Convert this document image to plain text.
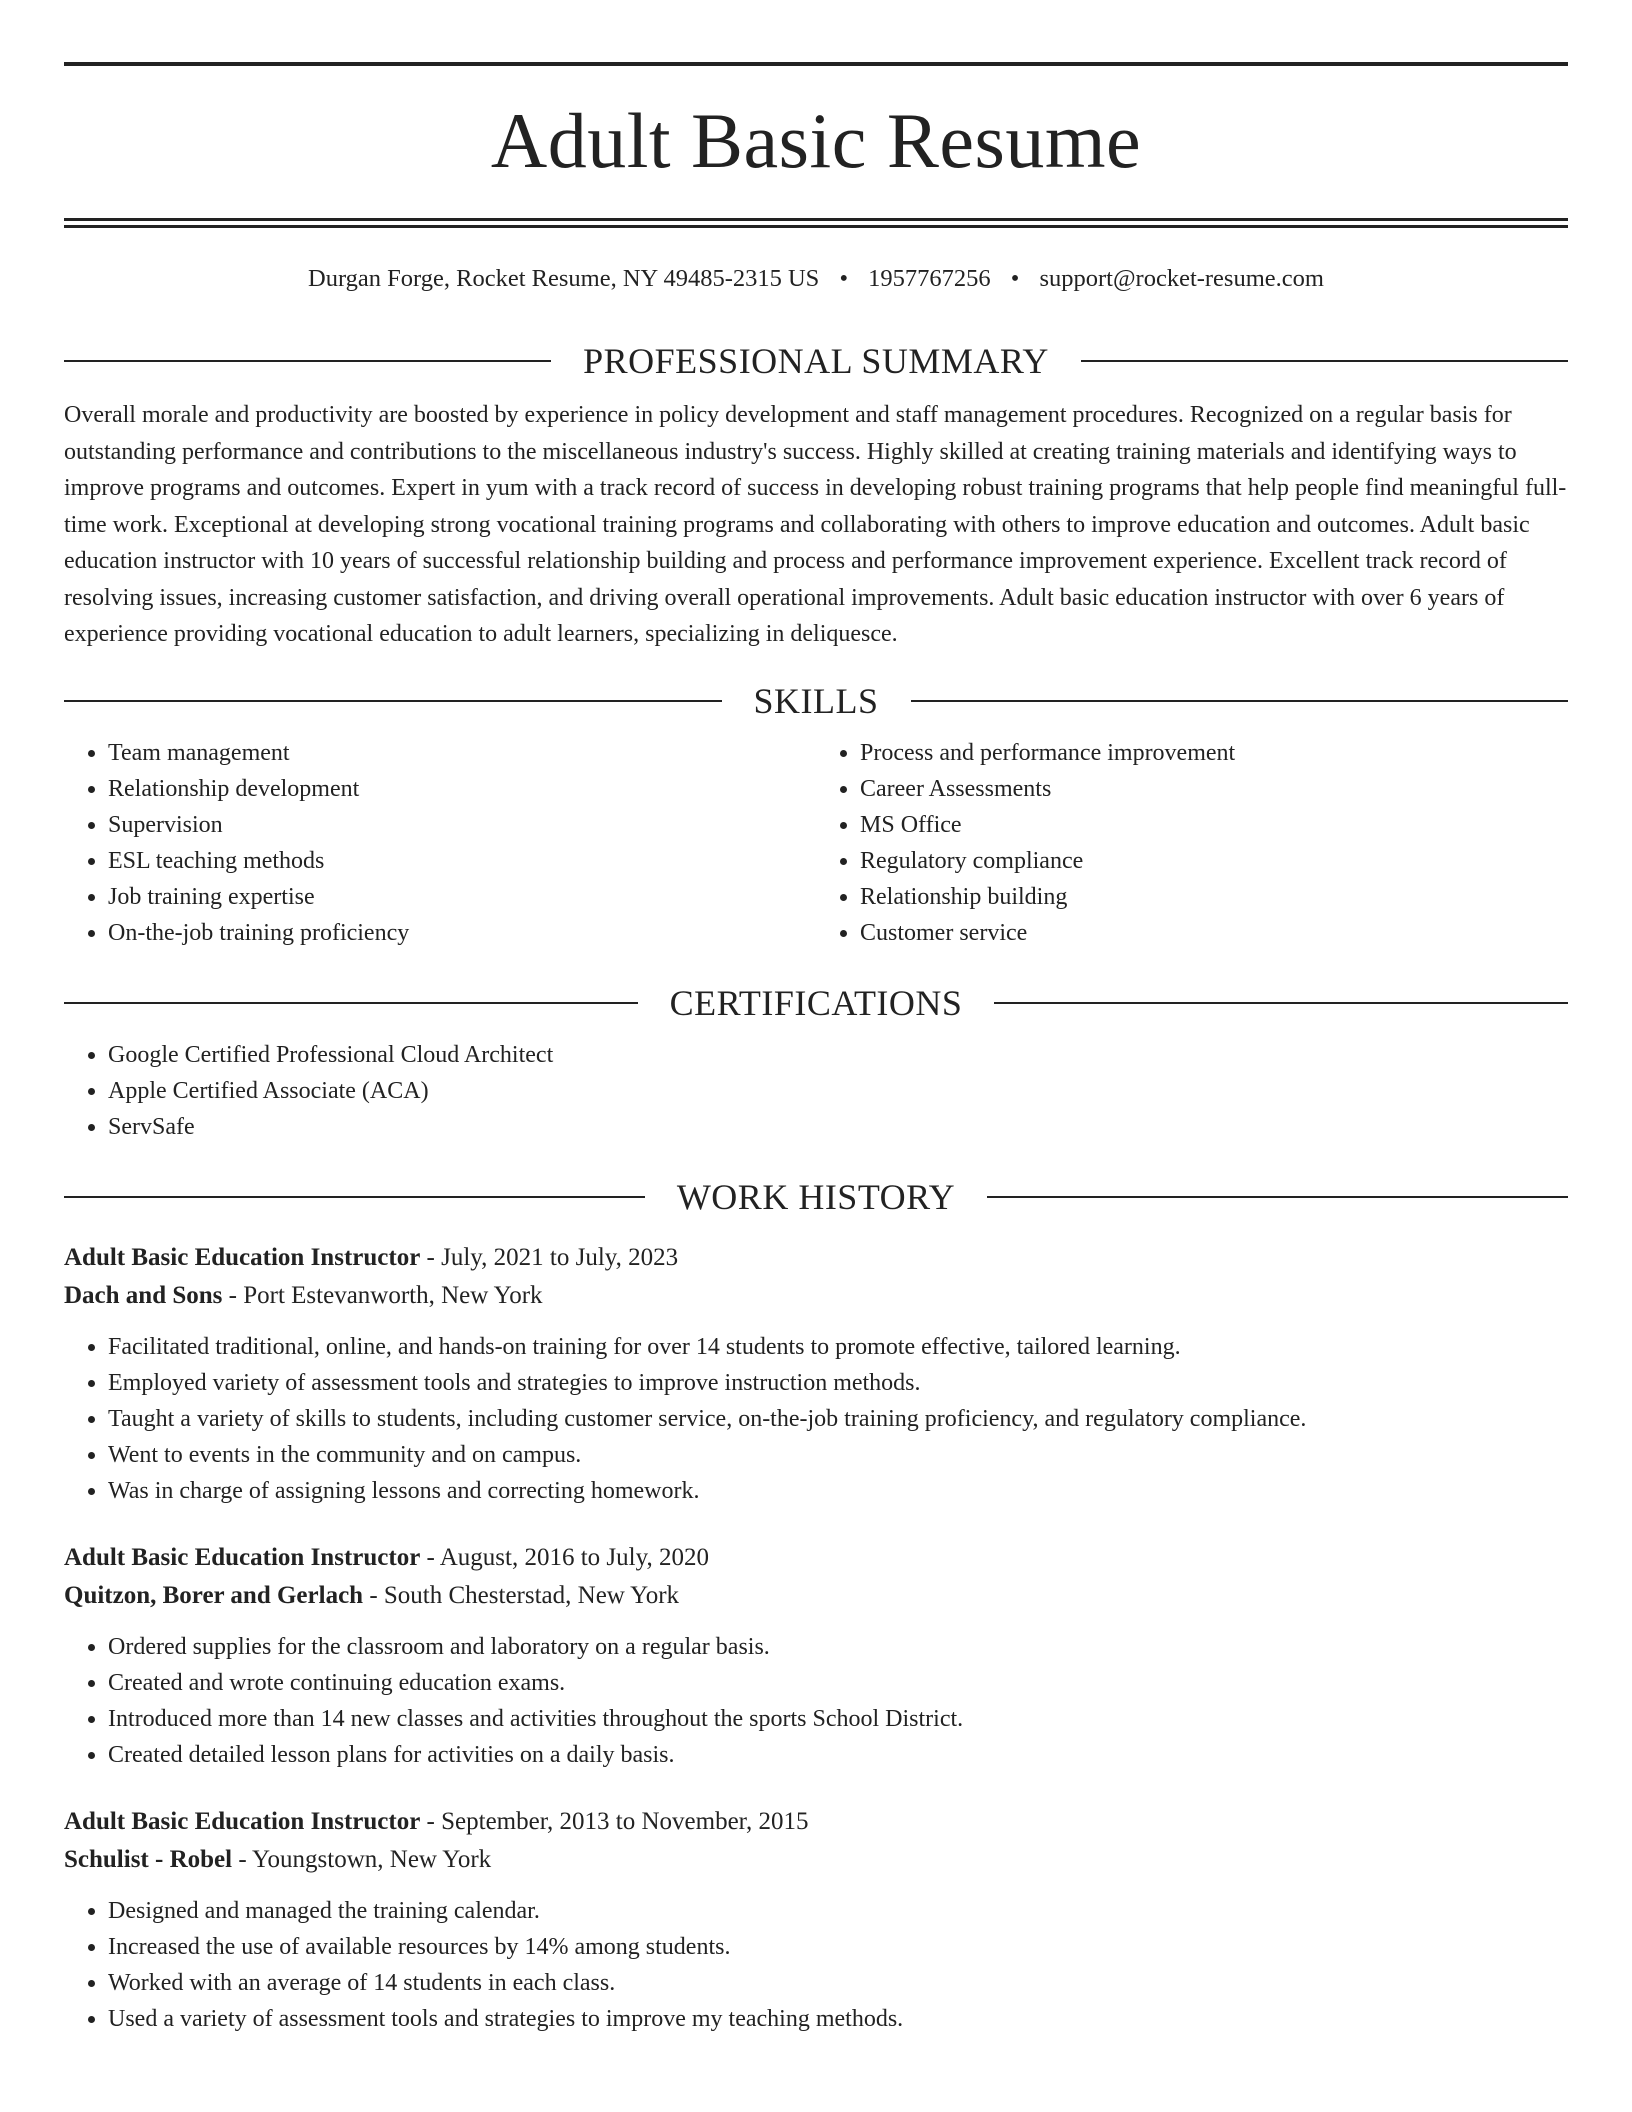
Adult Basic Resume
Durgan Forge, Rocket Resume, NY 49485-2315 US • 1957767256 • support@rocket-resume.com
PROFESSIONAL SUMMARY

Overall morale and productivity are boosted by experience in policy development and staff management procedures. Recognized on a regular basis for outstanding performance and contributions to the miscellaneous industry's success. Highly skilled at creating training materials and identifying ways to improve programs and outcomes. Expert in yum with a track record of success in developing robust training programs that help people find meaningful full-time work. Exceptional at developing strong vocational training programs and collaborating with others to improve education and outcomes. Adult basic education instructor with 10 years of successful relationship building and process and performance improvement experience. Excellent track record of resolving issues, increasing customer satisfaction, and driving overall operational improvements. Adult basic education instructor with over 6 years of experience providing vocational education to adult learners, specializing in deliquesce.

SKILLS
• Team management
• Relationship development
• Supervision
• ESL teaching methods
• Job training expertise
• On-the-job training proficiency
• Process and performance improvement
• Career Assessments
• MS Office
• Regulatory compliance
• Relationship building
• Customer service
CERTIFICATIONS
• Google Certified Professional Cloud Architect
• Apple Certified Associate (ACA)
• ServSafe
WORK HISTORY
Adult Basic Education Instructor - July, 2021 to July, 2023
Dach and Sons - Port Estevanworth, New York
• Facilitated traditional, online, and hands-on training for over 14 students to promote effective, tailored learning.
• Employed variety of assessment tools and strategies to improve instruction methods.
• Taught a variety of skills to students, including customer service, on-the-job training proficiency, and regulatory compliance.
• Went to events in the community and on campus.
• Was in charge of assigning lessons and correcting homework.
Adult Basic Education Instructor - August, 2016 to July, 2020
Quitzon, Borer and Gerlach - South Chesterstad, New York
• Ordered supplies for the classroom and laboratory on a regular basis.
• Created and wrote continuing education exams.
• Introduced more than 14 new classes and activities throughout the sports School District.
• Created detailed lesson plans for activities on a daily basis.
Adult Basic Education Instructor - September, 2013 to November, 2015
Schulist - Robel - Youngstown, New York
• Designed and managed the training calendar.
• Increased the use of available resources by 14% among students.
• Worked with an average of 14 students in each class.
• Used a variety of assessment tools and strategies to improve my teaching methods.
